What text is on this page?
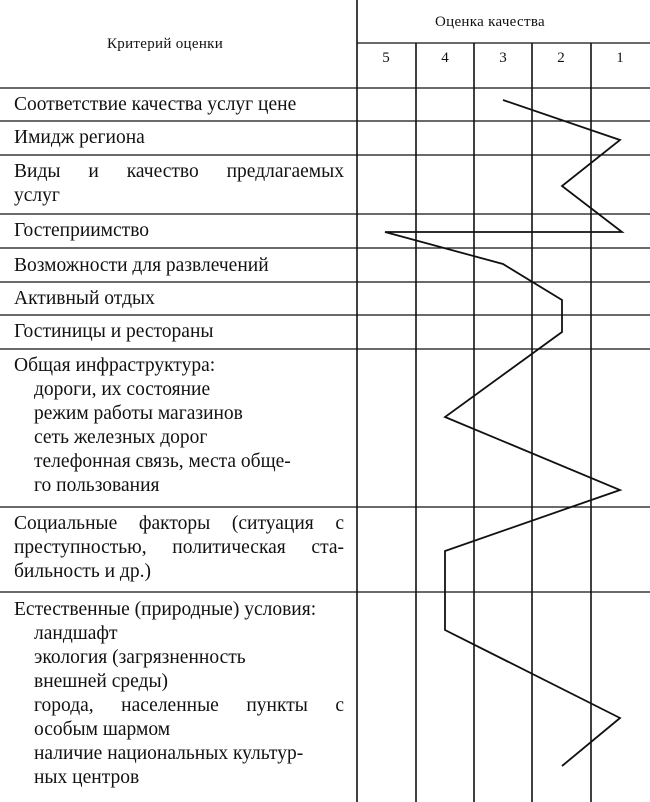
Критерий оценки
Оценка качества
5	4	3	2	1
Соответствие качества услуг цене
Имидж региона
Виды и качество предлагаемых
услуг
Гостеприимство
Возможности для развлечений
Активный отдых
Гостиницы и рестораны
Общая инфраструктура:
дороги, их состояние
режим работы магазинов
сеть железных дорог
телефонная связь, места обще-
го пользования
Социальные факторы (ситуация с
преступностью, политическая ста-
бильность и др.)
Естественные (природные) условия:
ландшафт
экология (загрязненность
внешней среды)
города, населенные пункты с
особым шармом
наличие национальных культур-
ных центров
